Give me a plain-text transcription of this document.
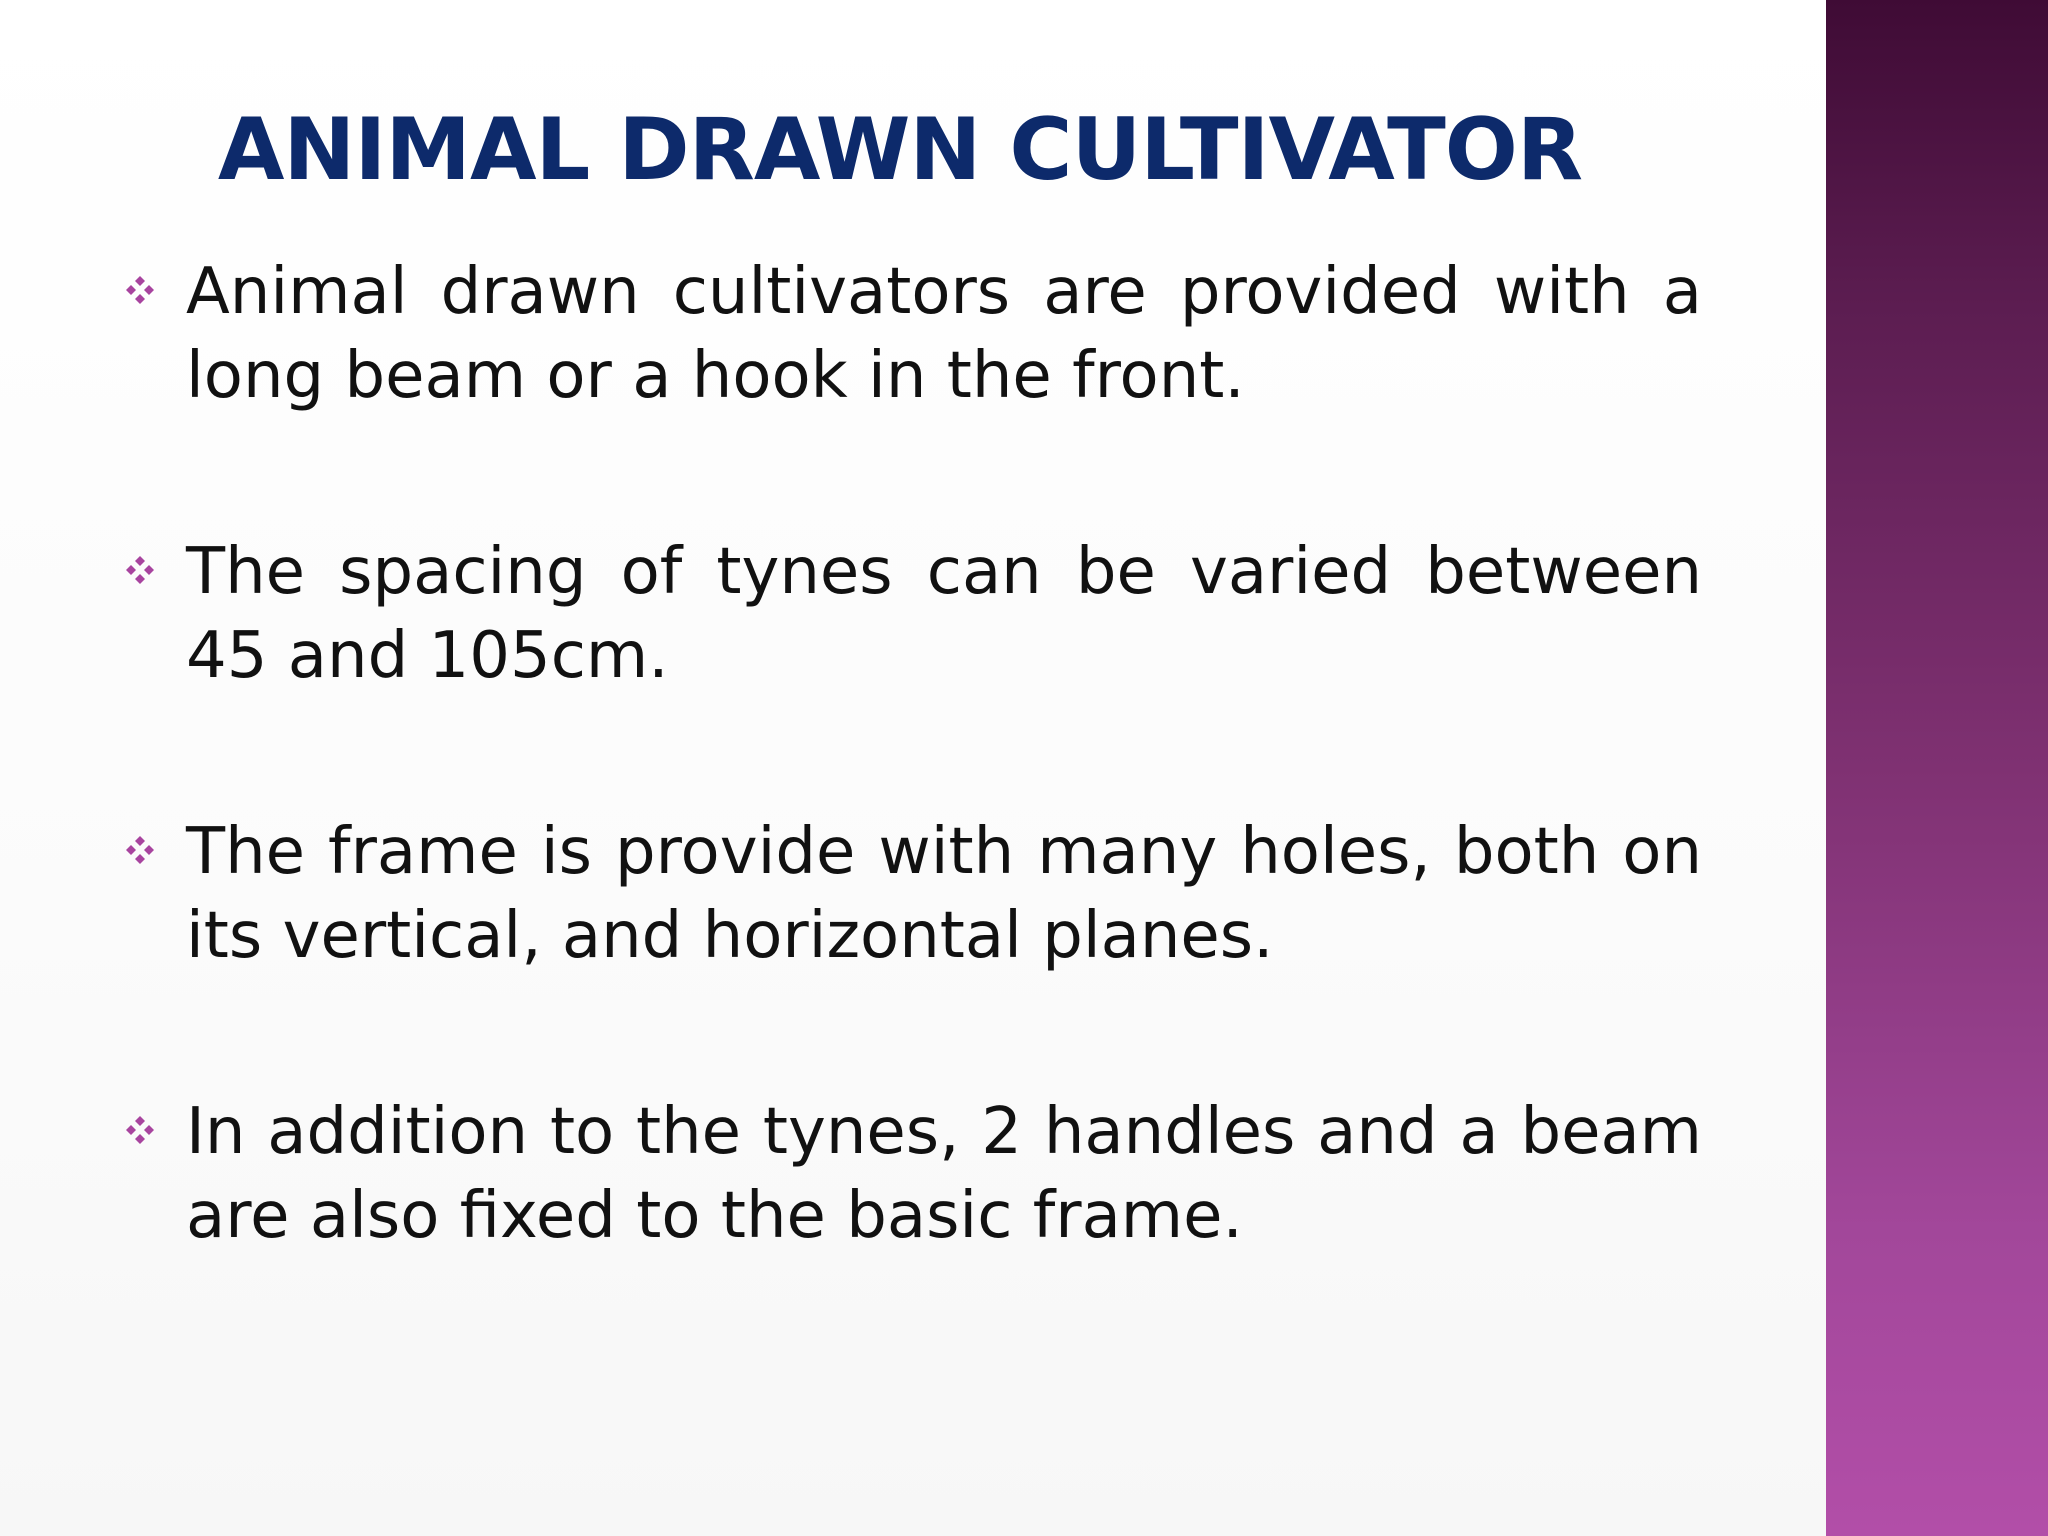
ANIMAL DRAWN CULTIVATOR
Animal drawn cultivators are provided with a long beam or a hook in the front.
The spacing of tynes can be varied between 45 and 105cm.
The frame is provide with many holes, both on its vertical, and horizontal planes.
In addition to the tynes, 2 handles and a beam are also fixed to the basic frame.
